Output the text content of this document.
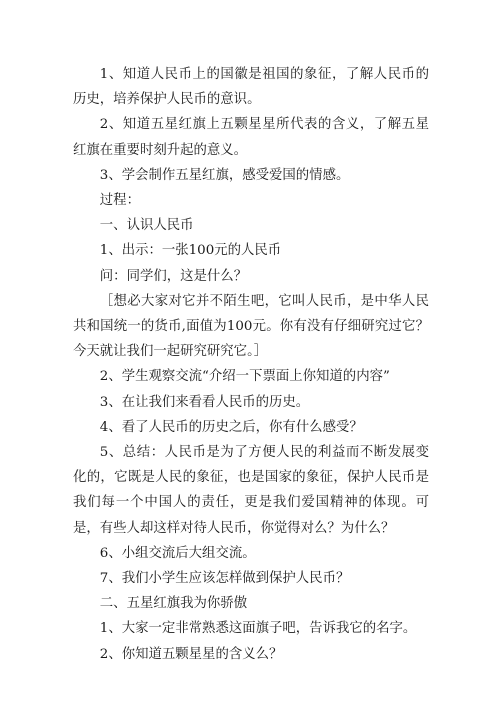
1、知道人民币上的国徽是祖国的象征，了解人民币的历史，培养保护人民币的意识。

2、知道五星红旗上五颗星星所代表的含义，了解五星红旗在重要时刻升起的意义。

3、学会制作五星红旗，感受爱国的情感。

过程：

一、认识人民币

1、出示：一张100元的人民币

问：同学们，这是什么？

［想必大家对它并不陌生吧，它叫人民币，是中华人民共和国统一的货币,面值为100元。你有没有仔细研究过它？今天就让我们一起研究研究它。］

2、学生观察交流“介绍一下票面上你知道的内容”

3、在让我们来看看人民币的历史。

4、看了人民币的历史之后，你有什么感受？

5、总结：人民币是为了方便人民的利益而不断发展变化的，它既是人民的象征，也是国家的象征，保护人民币是我们每一个中国人的责任，更是我们爱国精神的体现。可是，有些人却这样对待人民币，你觉得对么？为什么？

6、小组交流后大组交流。

7、我们小学生应该怎样做到保护人民币？

二、五星红旗我为你骄傲

1、大家一定非常熟悉这面旗子吧，告诉我它的名字。

2、你知道五颗星星的含义么？
